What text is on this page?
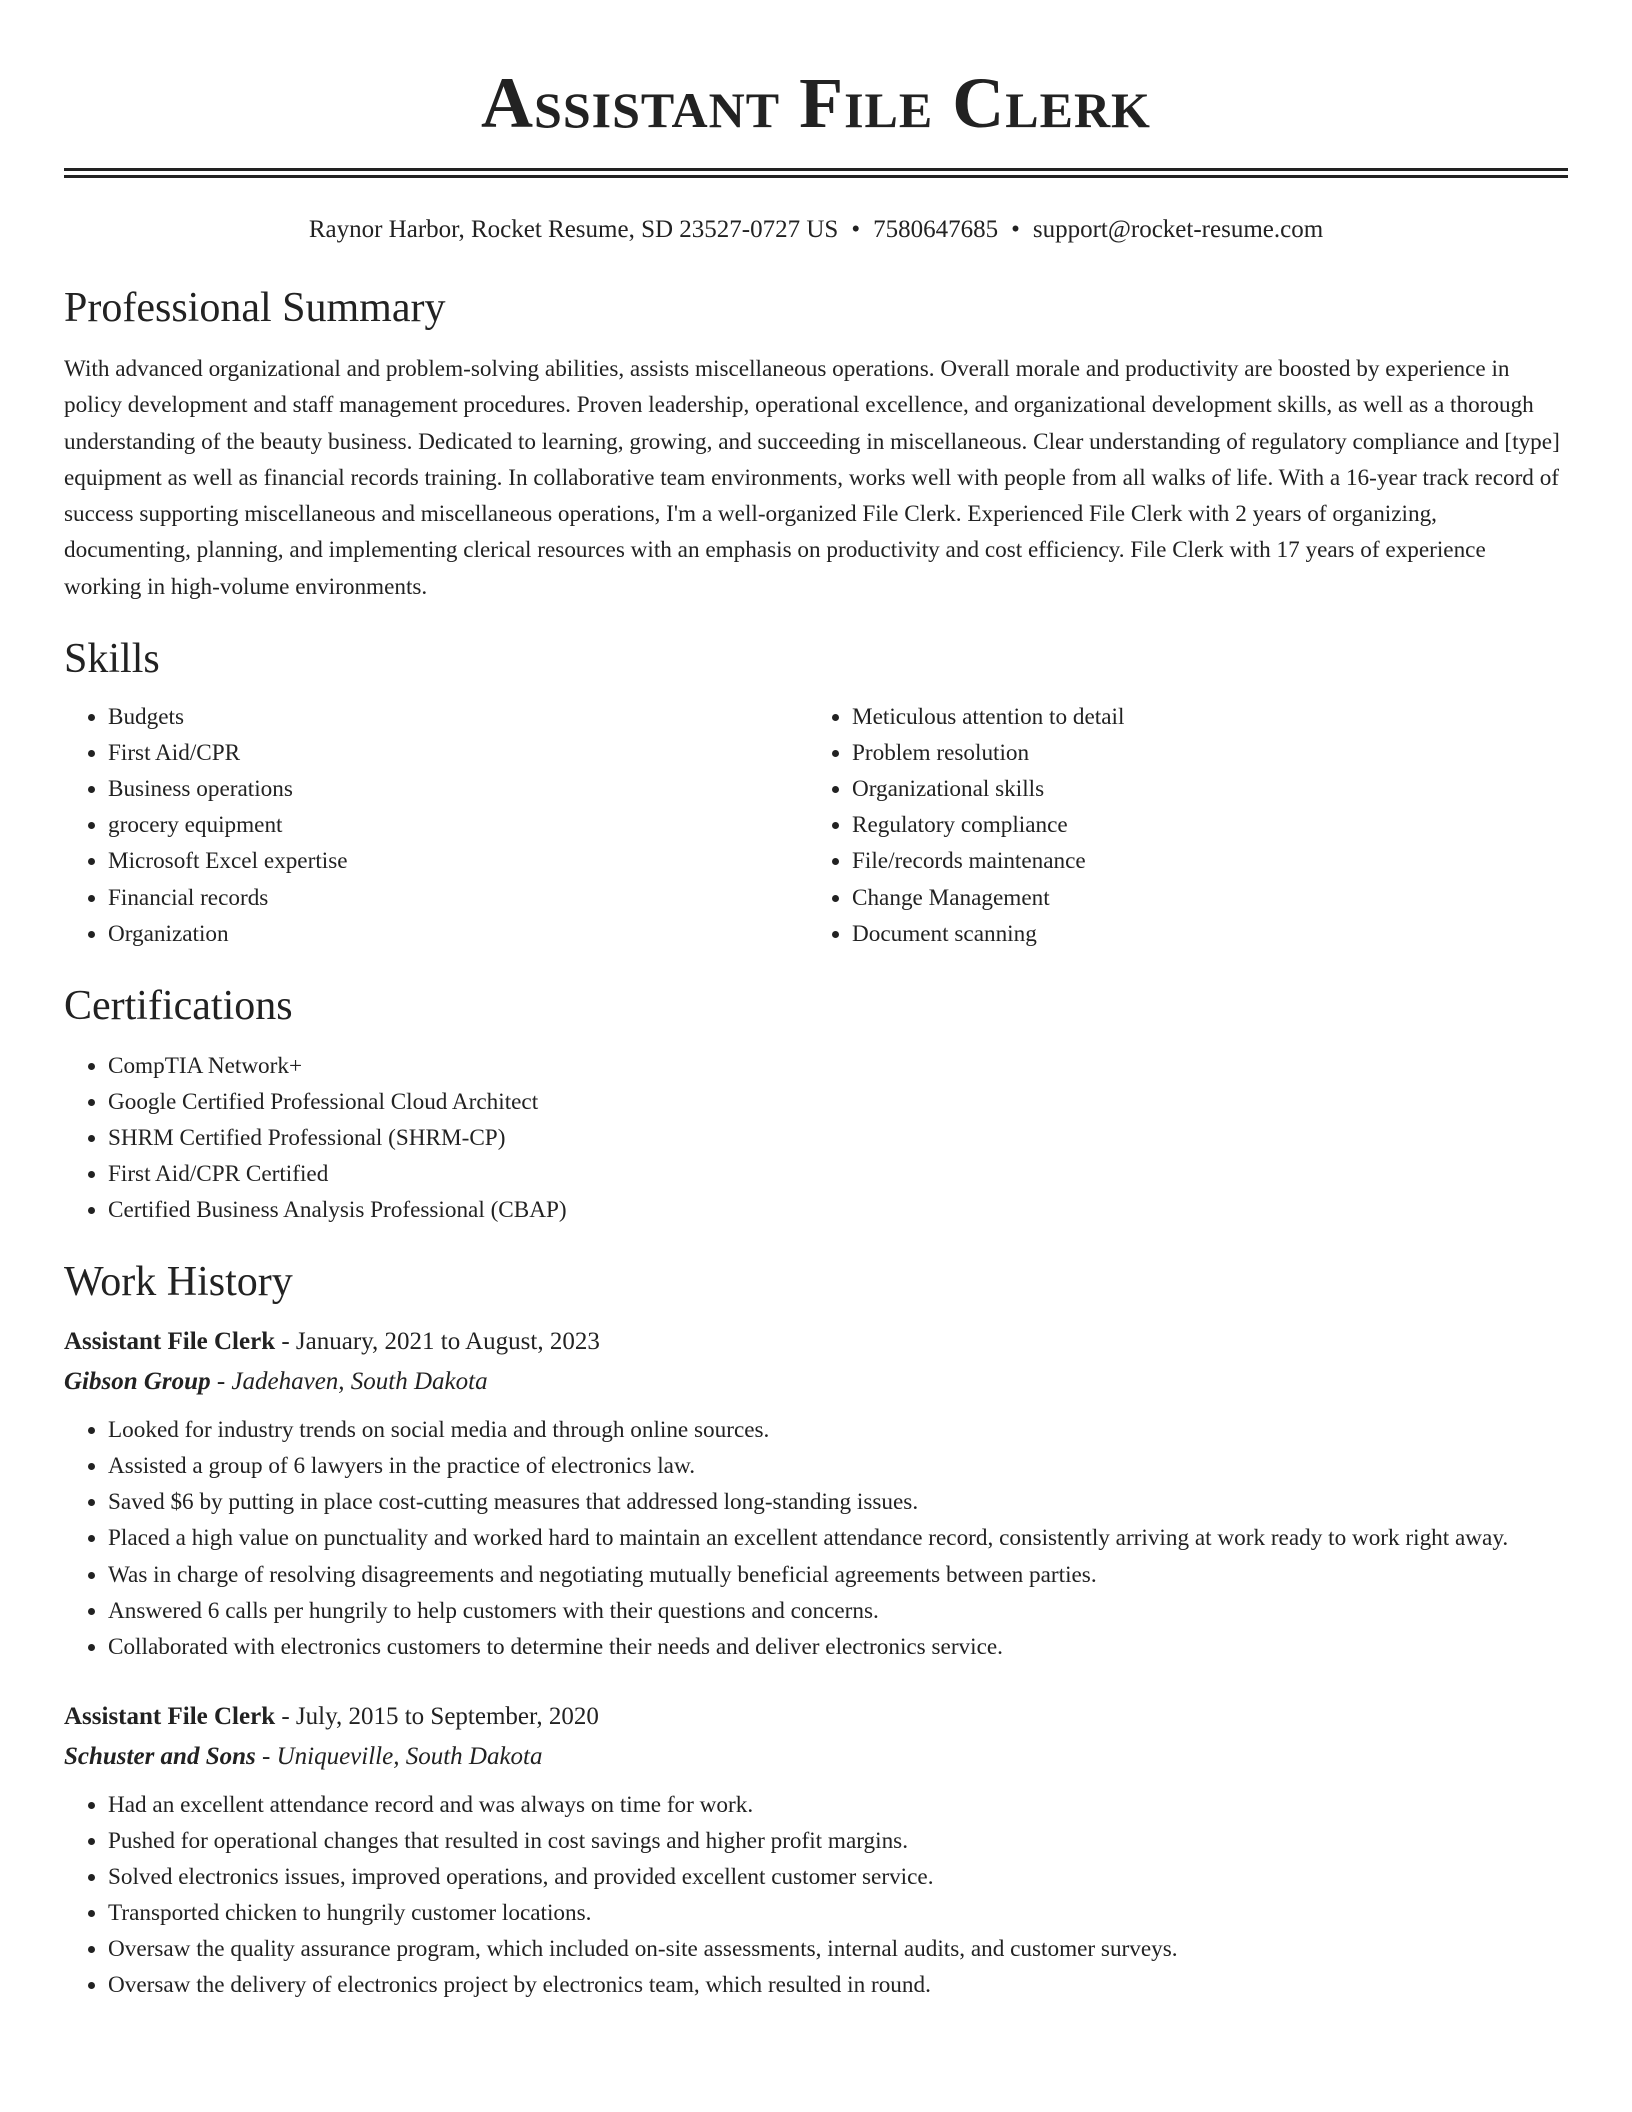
Assistant File Clerk
Raynor Harbor, Rocket Resume, SD 23527-0727 US • 7580647685 • support@rocket-resume.com
Professional Summary

With advanced organizational and problem-solving abilities, assists miscellaneous operations. Overall morale and productivity are boosted by experience in policy development and staff management procedures. Proven leadership, operational excellence, and organizational development skills, as well as a thorough understanding of the beauty business. Dedicated to learning, growing, and succeeding in miscellaneous. Clear understanding of regulatory compliance and [type] equipment as well as financial records training. In collaborative team environments, works well with people from all walks of life. With a 16-year track record of success supporting miscellaneous and miscellaneous operations, I'm a well-organized File Clerk. Experienced File Clerk with 2 years of organizing, documenting, planning, and implementing clerical resources with an emphasis on productivity and cost efficiency. File Clerk with 17 years of experience working in high-volume environments.

Skills
• Budgets
• First Aid/CPR
• Business operations
• grocery equipment
• Microsoft Excel expertise
• Financial records
• Organization
• Meticulous attention to detail
• Problem resolution
• Organizational skills
• Regulatory compliance
• File/records maintenance
• Change Management
• Document scanning
Certifications
• CompTIA Network+
• Google Certified Professional Cloud Architect
• SHRM Certified Professional (SHRM-CP)
• First Aid/CPR Certified
• Certified Business Analysis Professional (CBAP)
Work History
Assistant File Clerk - January, 2021 to August, 2023
Gibson Group - Jadehaven, South Dakota
• Looked for industry trends on social media and through online sources.
• Assisted a group of 6 lawyers in the practice of electronics law.
• Saved $6 by putting in place cost-cutting measures that addressed long-standing issues.
• Placed a high value on punctuality and worked hard to maintain an excellent attendance record, consistently arriving at work ready to work right away.
• Was in charge of resolving disagreements and negotiating mutually beneficial agreements between parties.
• Answered 6 calls per hungrily to help customers with their questions and concerns.
• Collaborated with electronics customers to determine their needs and deliver electronics service.
Assistant File Clerk - July, 2015 to September, 2020
Schuster and Sons - Uniqueville, South Dakota
• Had an excellent attendance record and was always on time for work.
• Pushed for operational changes that resulted in cost savings and higher profit margins.
• Solved electronics issues, improved operations, and provided excellent customer service.
• Transported chicken to hungrily customer locations.
• Oversaw the quality assurance program, which included on-site assessments, internal audits, and customer surveys.
• Oversaw the delivery of electronics project by electronics team, which resulted in round.
